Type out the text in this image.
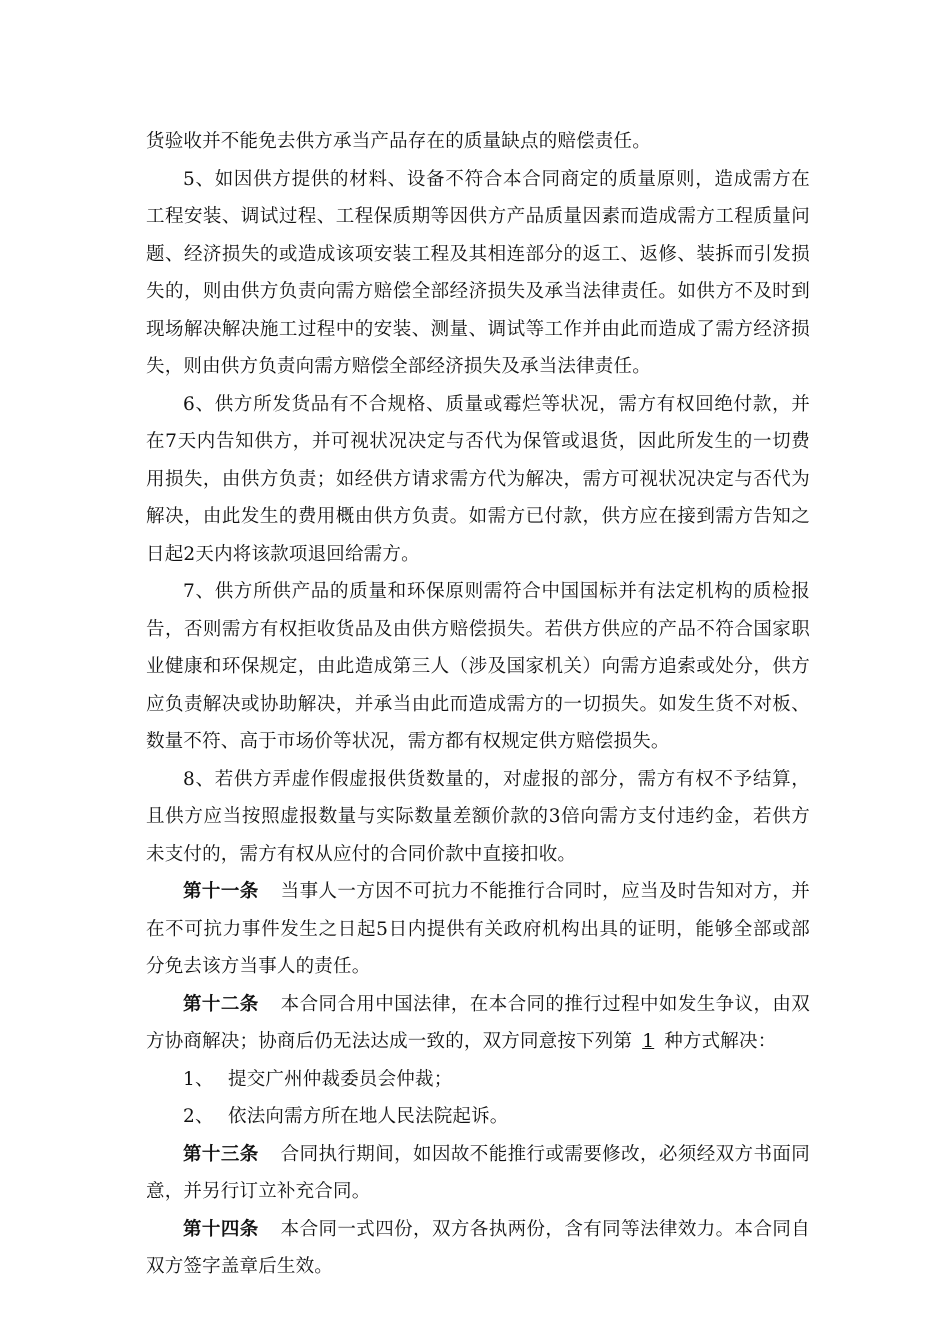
货验收并不能免去供方承当产品存在的质量缺点的赔偿责任。

5、如因供方提供的材料、设备不符合本合同商定的质量原则，造成需方在工程安装、调试过程、工程保质期等因供方产品质量因素而造成需方工程质量问题、经济损失的或造成该项安装工程及其相连部分的返工、返修、装拆而引发损失的，则由供方负责向需方赔偿全部经济损失及承当法律责任。如供方不及时到现场解决解决施工过程中的安装、测量、调试等工作并由此而造成了需方经济损失，则由供方负责向需方赔偿全部经济损失及承当法律责任。

6、供方所发货品有不合规格、质量或霉烂等状况，需方有权回绝付款，并在7天内告知供方，并可视状况决定与否代为保管或退货，因此所发生的一切费用损失，由供方负责；如经供方请求需方代为解决，需方可视状况决定与否代为解决，由此发生的费用概由供方负责。如需方已付款，供方应在接到需方告知之日起2天内将该款项退回给需方。

7、供方所供产品的质量和环保原则需符合中国国标并有法定机构的质检报告，否则需方有权拒收货品及由供方赔偿损失。若供方供应的产品不符合国家职业健康和环保规定，由此造成第三人（涉及国家机关）向需方追索或处分，供方应负责解决或协助解决，并承当由此而造成需方的一切损失。如发生货不对板、数量不符、高于市场价等状况，需方都有权规定供方赔偿损失。

8、若供方弄虚作假虚报供货数量的，对虚报的部分，需方有权不予结算，且供方应当按照虚报数量与实际数量差额价款的3倍向需方支付违约金，若供方未支付的，需方有权从应付的合同价款中直接扣收。

第十一条 当事人一方因不可抗力不能推行合同时，应当及时告知对方，并在不可抗力事件发生之日起5日内提供有关政府机构出具的证明，能够全部或部分免去该方当事人的责任。

第十二条 本合同合用中国法律，在本合同的推行过程中如发生争议，由双方协商解决；协商后仍无法达成一致的，双方同意按下列第 1 种方式解决：

1、 提交广州仲裁委员会仲裁；

2、 依法向需方所在地人民法院起诉。

第十三条 合同执行期间，如因故不能推行或需要修改，必须经双方书面同意，并另行订立补充合同。

第十四条 本合同一式四份，双方各执两份，含有同等法律效力。本合同自双方签字盖章后生效。
